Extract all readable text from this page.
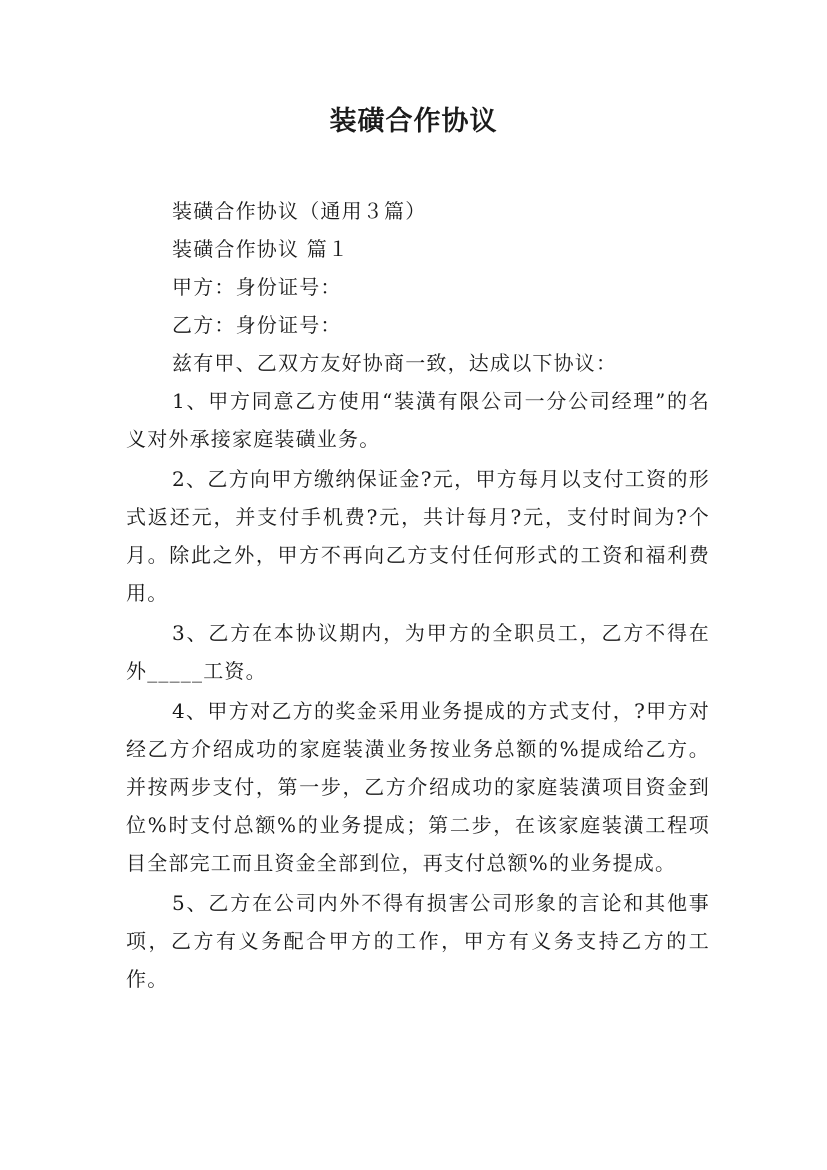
装磺合作协议

装磺合作协议（通用３篇）

装磺合作协议 篇１

甲方：身份证号：

乙方：身份证号：

兹有甲、乙双方友好协商一致，达成以下协议：

1、甲方同意乙方使用“装潢有限公司一分公司经理”的名义对外承接家庭装磺业务。

2、乙方向甲方缴纳保证金?元，甲方每月以支付工资的形式返还元，并支付手机费?元，共计每月?元，支付时间为?个月。除此之外，甲方不再向乙方支付任何形式的工资和福利费用。

3、乙方在本协议期内，为甲方的全职员工，乙方不得在外_____工资。

4、甲方对乙方的奖金采用业务提成的方式支付，?甲方对经乙方介绍成功的家庭装潢业务按业务总额的%提成给乙方。并按两步支付，第一步，乙方介绍成功的家庭装潢项目资金到位%时支付总额%的业务提成；第二步，在该家庭装潢工程项目全部完工而且资金全部到位，再支付总额%的业务提成。

5、乙方在公司内外不得有损害公司形象的言论和其他事项，乙方有义务配合甲方的工作，甲方有义务支持乙方的工作。
